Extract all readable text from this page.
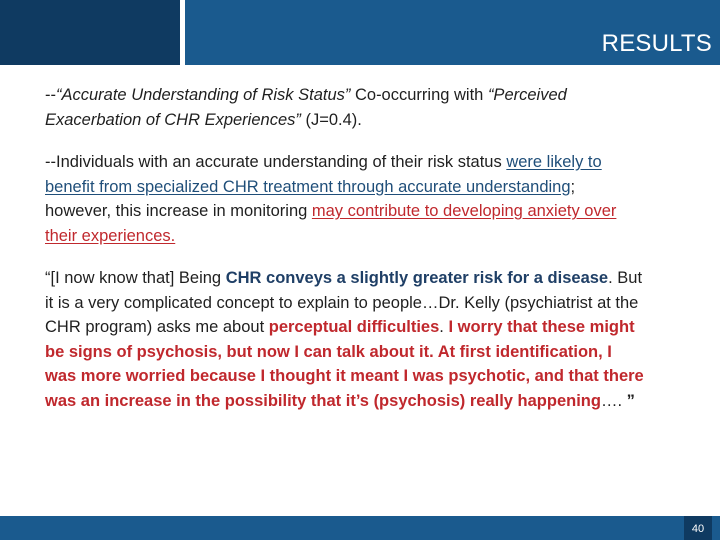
RESULTS

--“Accurate Understanding of Risk Status” Co-occurring with “Perceived Exacerbation of CHR Experiences” (J=0.4).

--Individuals with an accurate understanding of their risk status were likely to benefit from specialized CHR treatment through accurate understanding; however, this increase in monitoring may contribute to developing anxiety over their experiences.

“[I now know that] Being CHR conveys a slightly greater risk for a disease. But it is a very complicated concept to explain to people…Dr. Kelly (psychiatrist at the CHR program) asks me about perceptual difficulties. I worry that these might be signs of psychosis, but now I can talk about it. At first identification, I was more worried because I thought it meant I was psychotic, and that there was an increase in the possibility that it’s (psychosis) really happening…. ”

40
